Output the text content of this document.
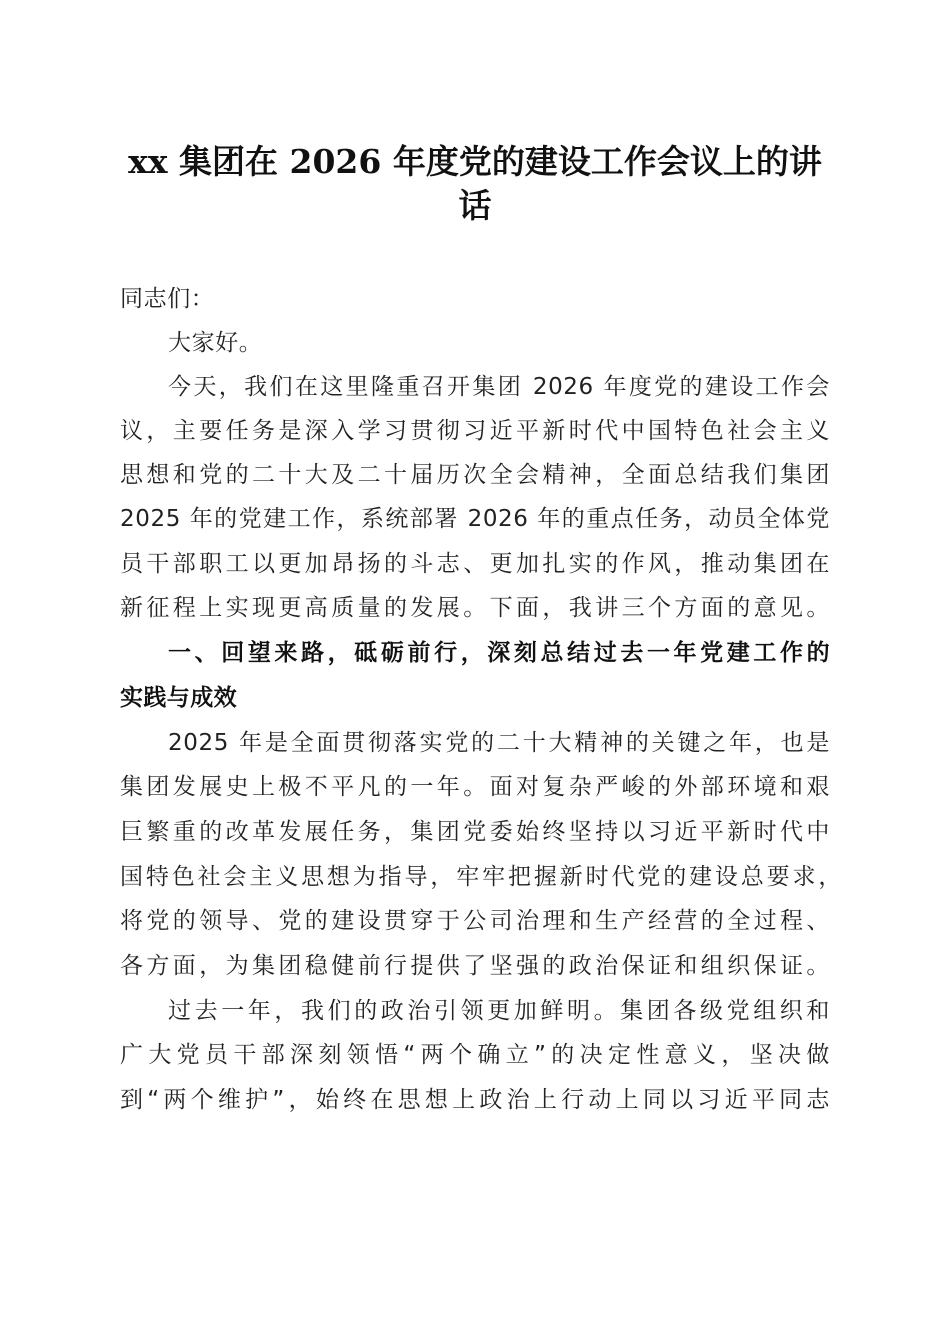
xx 集团在 2026 年度党的建设工作会议上的讲
话
同志们：
大家好。
今天，我们在这里隆重召开集团 2026 年度党的建设工作会
议，主要任务是深入学习贯彻习近平新时代中国特色社会主义
思想和党的二十大及二十届历次全会精神，全面总结我们集团
2025 年的党建工作，系统部署 2026 年的重点任务，动员全体党
员干部职工以更加昂扬的斗志、更加扎实的作风，推动集团在
新征程上实现更高质量的发展。下面，我讲三个方面的意见。
一、回望来路，砥砺前行，深刻总结过去一年党建工作的
实践与成效
2025 年是全面贯彻落实党的二十大精神的关键之年，也是
集团发展史上极不平凡的一年。面对复杂严峻的外部环境和艰
巨繁重的改革发展任务，集团党委始终坚持以习近平新时代中
国特色社会主义思想为指导，牢牢把握新时代党的建设总要求，
将党的领导、党的建设贯穿于公司治理和生产经营的全过程、
各方面，为集团稳健前行提供了坚强的政治保证和组织保证。
过去一年，我们的政治引领更加鲜明。集团各级党组织和
广大党员干部深刻领悟“两个确立”的决定性意义，坚决做
到“两个维护”，始终在思想上政治上行动上同以习近平同志
